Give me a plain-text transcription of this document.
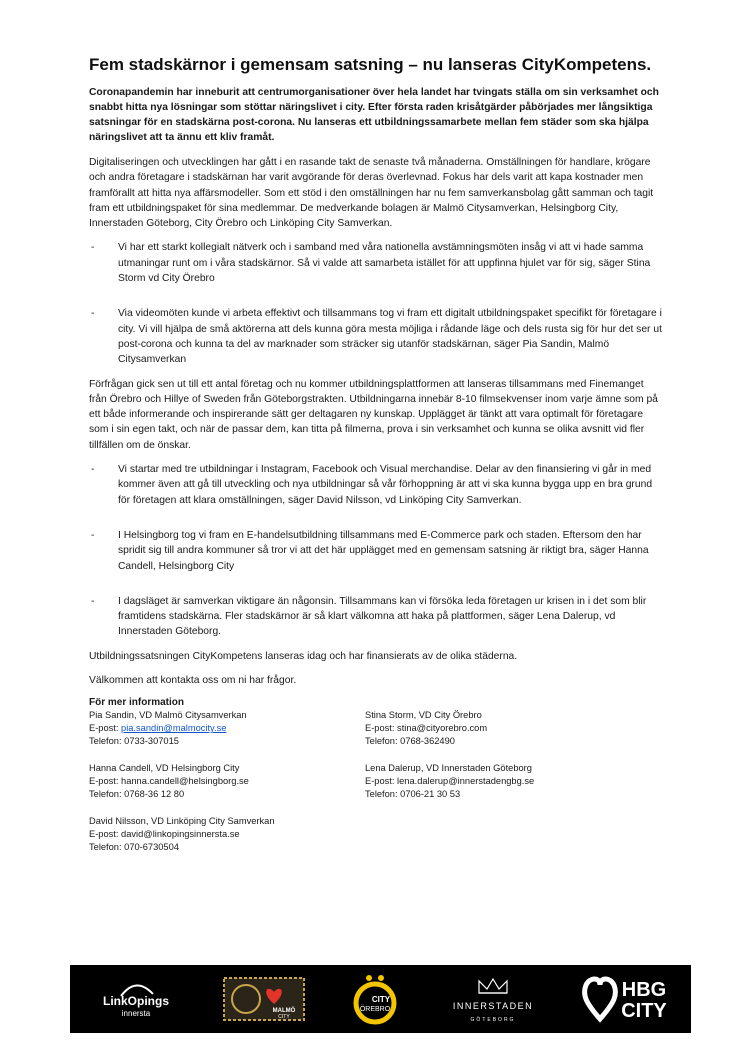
Fem stadskärnor i gemensam satsning – nu lanseras CityKompetens.

Coronapandemin har inneburit att centrumorganisationer över hela landet har tvingats ställa om sin verksamhet och snabbt hitta nya lösningar som stöttar näringslivet i city. Efter första raden krisåtgärder påbörjades mer långsiktiga satsningar för en stadskärna post-corona. Nu lanseras ett utbildningssamarbete mellan fem städer som ska hjälpa näringslivet att ta ännu ett kliv framåt.

Digitaliseringen och utvecklingen har gått i en rasande takt de senaste två månaderna. Omställningen för handlare, krögare och andra företagare i stadskärnan har varit avgörande för deras överlevnad. Fokus har dels varit att kapa kostnader men framförallt att hitta nya affärsmodeller. Som ett stöd i den omställningen har nu fem samverkansbolag gått samman och tagit fram ett utbildningspaket för sina medlemmar. De medverkande bolagen är Malmö Citysamverkan, Helsingborg City, Innerstaden Göteborg, City Örebro och Linköping City Samverkan.

-	Vi har ett starkt kollegialt nätverk och i samband med våra nationella avstämningsmöten insåg vi att vi hade samma utmaningar runt om i våra stadskärnor. Så vi valde att samarbeta istället för att uppfinna hjulet var för sig, säger Stina Storm vd City Örebro
-	Via videomöten kunde vi arbeta effektivt och tillsammans tog vi fram ett digitalt utbildningspaket specifikt för företagare i city. Vi vill hjälpa de små aktörerna att dels kunna göra mesta möjliga i rådande läge och dels rusta sig för hur det ser ut post-corona och kunna ta del av marknader som sträcker sig utanför stadskärnan, säger Pia Sandin, Malmö Citysamverkan

Förfrågan gick sen ut till ett antal företag och nu kommer utbildningsplattformen att lanseras tillsammans med Finemanget från Örebro och Hillye of Sweden från Göteborgstrakten. Utbildningarna innebär 8-10 filmsekvenser inom varje ämne som på ett både informerande och inspirerande sätt ger deltagaren ny kunskap. Upplägget är tänkt att vara optimalt för företagare som i sin egen takt, och när de passar dem, kan titta på filmerna, prova i sin verksamhet och kunna se olika avsnitt vid fler tillfällen om de önskar.

-	Vi startar med tre utbildningar i Instagram, Facebook och Visual merchandise. Delar av den finansiering vi går in med kommer även att gå till utveckling och nya utbildningar så vår förhoppning är att vi ska kunna bygga upp en bra grund för företagen att klara omställningen, säger David Nilsson, vd Linköping City Samverkan.
-	I Helsingborg tog vi fram en E-handelsutbildning tillsammans med E-Commerce park och staden. Eftersom den har spridit sig till andra kommuner så tror vi att det här upplägget med en gemensam satsning är riktigt bra, säger Hanna Candell, Helsingborg City
-	I dagsläget är samverkan viktigare än någonsin. Tillsammans kan vi försöka leda företagen ur krisen in i det som blir framtidens stadskärna. Fler stadskärnor är så klart välkomna att haka på plattformen, säger Lena Dalerup, vd Innerstaden Göteborg.

Utbildningssatsningen CityKompetens lanseras idag och har finansierats av de olika städerna.

Välkommen att kontakta oss om ni har frågor.

För mer information
Pia Sandin, VD Malmö Citysamverkan
E-post: pia.sandin@malmocity.se
Telefon: 0733-307015
Stina Storm, VD City Örebro
E-post: stina@cityorebro.com
Telefon: 0768-362490
Hanna Candell, VD Helsingborg City
E-post: hanna.candell@helsingborg.se
Telefon: 0768-36 12 80
Lena Dalerup, VD Innerstaden Göteborg
E-post: lena.dalerup@innerstadengbg.se
Telefon: 0706-21 30 53
David Nilsson, VD Linköping City Samverkan
E-post: david@linkopingsinnersta.se
Telefon: 070-6730504
LinkOpings
innersta	MALMÖ
CITY
CITY
ÖREBRO	INNERSTADEN
GÖTEBORG
HBG
CITY
